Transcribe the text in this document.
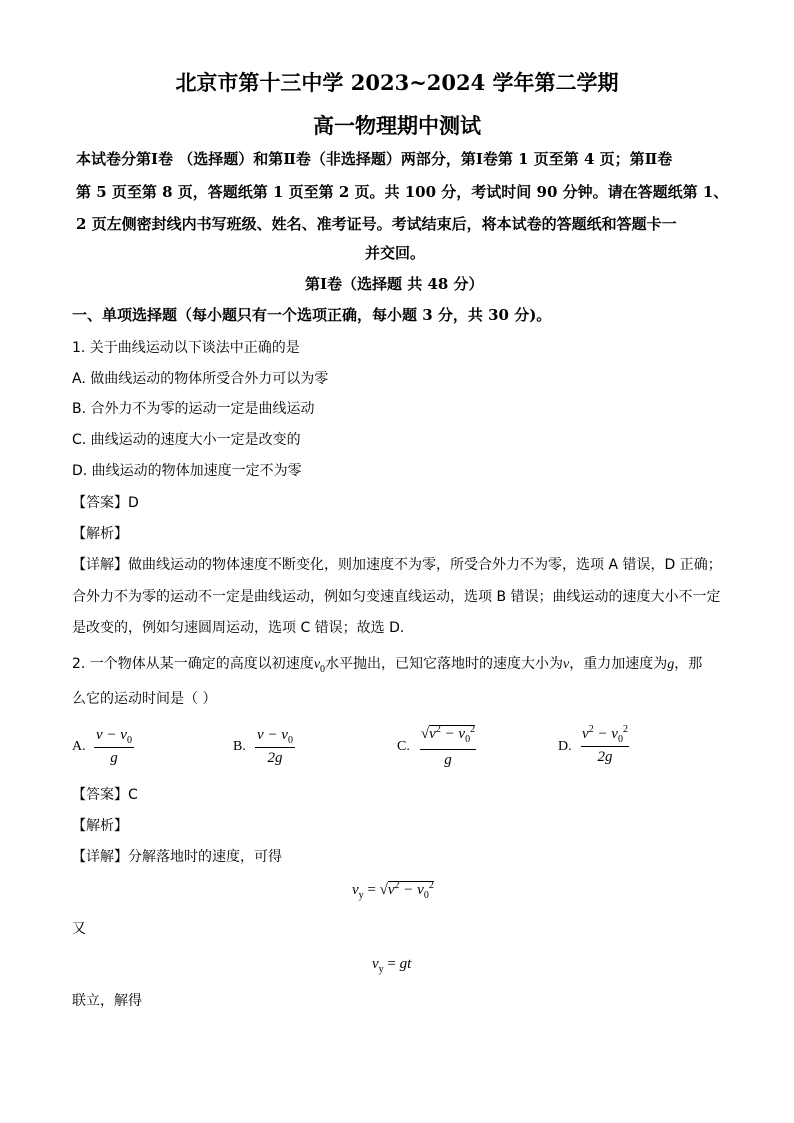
北京市第十三中学 2023~2024 学年第二学期
高一物理期中测试
本试卷分第Ⅰ卷 （选择题）和第Ⅱ卷（非选择题）两部分，第Ⅰ卷第 1 页至第 4 页；第Ⅱ卷
第 5 页至第 8 页，答题纸第 1 页至第 2 页。共 100 分，考试时间 90 分钟。请在答题纸第 1、
2 页左侧密封线内书写班级、姓名、准考证号。考试结束后，将本试卷的答题纸和答题卡一
并交回。
第Ⅰ卷（选择题 共 48 分）
一、单项选择题（每小题只有一个选项正确，每小题 3 分，共 30 分)。
1. 关于曲线运动以下谈法中正确的是
A. 做曲线运动的物体所受合外力可以为零
B. 合外力不为零的运动一定是曲线运动
C. 曲线运动的速度大小一定是改变的
D. 曲线运动的物体加速度一定不为零
【答案】D
【解析】
【详解】做曲线运动的物体速度不断变化，则加速度不为零，所受合外力不为零，选项 A 错误，D 正确；
合外力不为零的运动不一定是曲线运动，例如匀变速直线运动，选项 B 错误；曲线运动的速度大小不一定
是改变的，例如匀速圆周运动，选项 C 错误；故选 D.
2. 一个物体从某一确定的高度以初速度$v_0$水平抛出，已知它落地时的速度大小为v，重力加速度为g，那
么它的运动时间是（ ）
A.
$v - v_0$
g
B.
$v - v_0$
2g
C.
$√v^2 - v_0^2$
g
D.
$v^2 - v_0^2$
2g
【答案】C
【解析】
【详解】分解落地时的速度，可得
$v_y = √v^2 - v_0^2$
又
$v_y$ = gt
联立，解得
